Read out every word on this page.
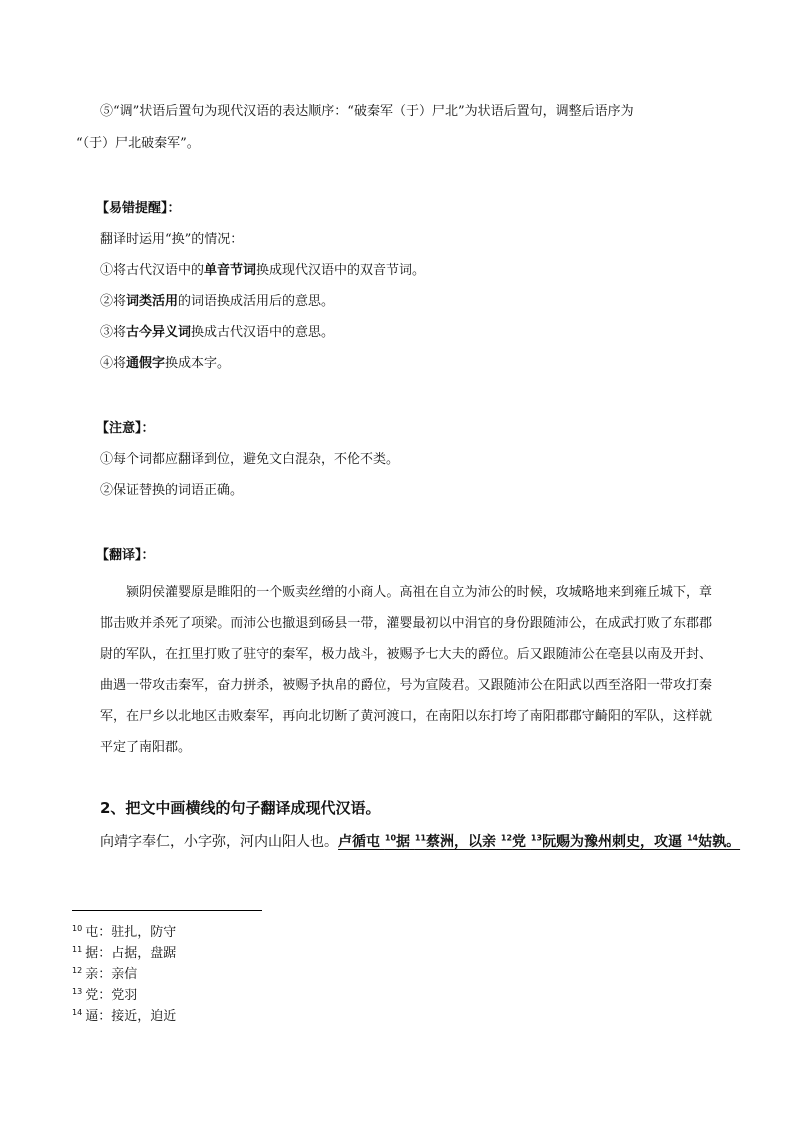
⑤“调”状语后置句为现代汉语的表达顺序：“破秦军（于）尸北”为状语后置句，调整后语序为
“（于）尸北破秦军”。
【易错提醒】：
翻译时运用“换”的情况：
①将古代汉语中的单音节词换成现代汉语中的双音节词。
②将词类活用的词语换成活用后的意思。
③将古今异义词换成古代汉语中的意思。
④将通假字换成本字。
【注意】：
①每个词都应翻译到位，避免文白混杂，不伦不类。
②保证替换的词语正确。
【翻译】：
颍阴侯灌婴原是睢阳的一个贩卖丝缯的小商人。高祖在自立为沛公的时候，攻城略地来到雍丘城下，章邯击败并杀死了项梁。而沛公也撤退到砀县一带，灌婴最初以中涓官的身份跟随沛公，在成武打败了东郡郡尉的军队，在扛里打败了驻守的秦军，极力战斗，被赐予七大夫的爵位。后又跟随沛公在亳县以南及开封、曲遇一带攻击秦军，奋力拼杀，被赐予执帛的爵位，号为宣陵君。又跟随沛公在阳武以西至洛阳一带攻打秦军，在尸乡以北地区击败秦军，再向北切断了黄河渡口，在南阳以东打垮了南阳郡郡守齮阳的军队，这样就平定了南阳郡。
2、把文中画横线的句子翻译成现代汉语。
向靖字奉仁，小字弥，河内山阳人也。卢循屯 $^{10}$据 $^{11}$蔡洲，以亲 $^{12}$党 $^{13}$阮赐为豫州刺史，攻逼 $^{14}$姑孰。
$^{10}$ 屯：驻扎，防守
$^{11}$ 据：占据，盘踞
$^{12}$ 亲：亲信
$^{13}$ 党：党羽
$^{14}$ 逼：接近，迫近
